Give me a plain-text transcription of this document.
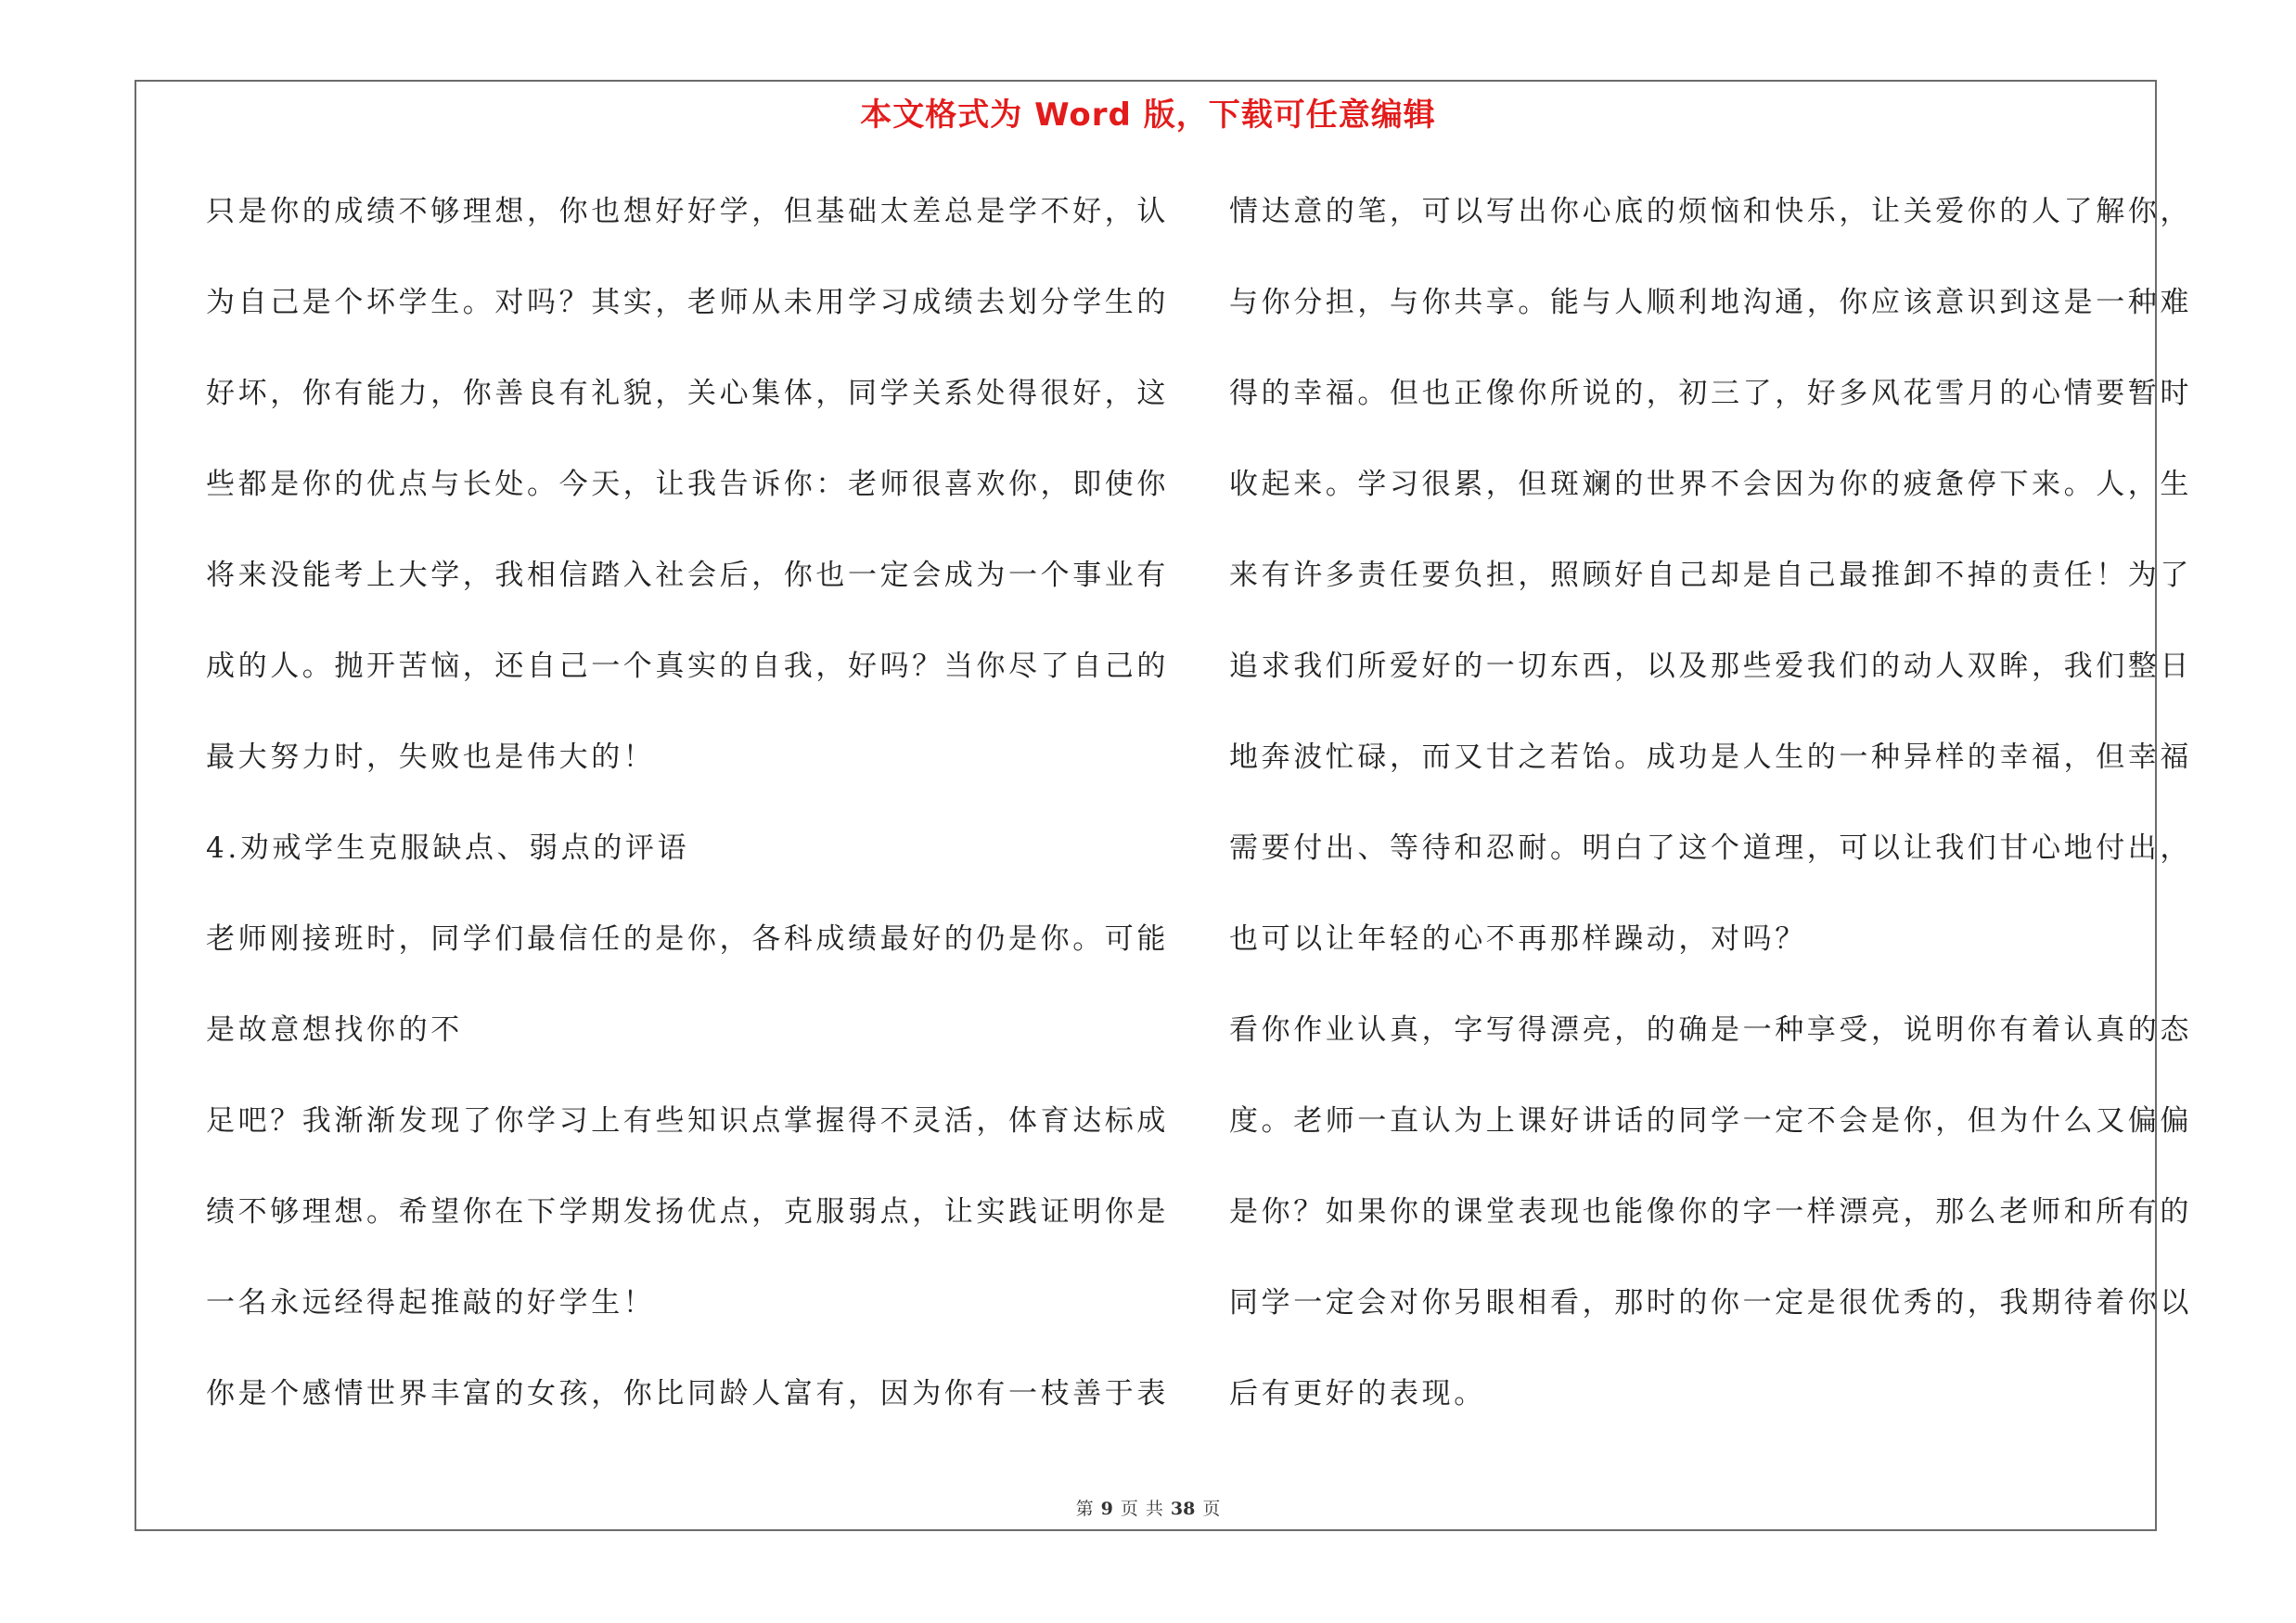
本文格式为 Word 版，下载可任意编辑
只是你的成绩不够理想，你也想好好学，但基础太差总是学不好，认
为自己是个坏学生。对吗？其实，老师从未用学习成绩去划分学生的
好坏，你有能力，你善良有礼貌，关心集体，同学关系处得很好，这
些都是你的优点与长处。今天，让我告诉你：老师很喜欢你，即使你
将来没能考上大学，我相信踏入社会后，你也一定会成为一个事业有
成的人。抛开苦恼，还自己一个真实的自我，好吗？当你尽了自己的
最大努力时，失败也是伟大的！
4.劝戒学生克服缺点、弱点的评语
老师刚接班时，同学们最信任的是你，各科成绩最好的仍是你。可能
是故意想找你的不
足吧？我渐渐发现了你学习上有些知识点掌握得不灵活，体育达标成
绩不够理想。希望你在下学期发扬优点，克服弱点，让实践证明你是
一名永远经得起推敲的好学生！
你是个感情世界丰富的女孩，你比同龄人富有，因为你有一枝善于表
情达意的笔，可以写出你心底的烦恼和快乐，让关爱你的人了解你，
与你分担，与你共享。能与人顺利地沟通，你应该意识到这是一种难
得的幸福。但也正像你所说的，初三了，好多风花雪月的心情要暂时
收起来。学习很累，但斑斓的世界不会因为你的疲惫停下来。人，生
来有许多责任要负担，照顾好自己却是自己最推卸不掉的责任！为了
追求我们所爱好的一切东西，以及那些爱我们的动人双眸，我们整日
地奔波忙碌，而又甘之若饴。成功是人生的一种异样的幸福，但幸福
需要付出、等待和忍耐。明白了这个道理，可以让我们甘心地付出，
也可以让年轻的心不再那样躁动，对吗？
看你作业认真，字写得漂亮，的确是一种享受，说明你有着认真的态
度。老师一直认为上课好讲话的同学一定不会是你，但为什么又偏偏
是你？如果你的课堂表现也能像你的字一样漂亮，那么老师和所有的
同学一定会对你另眼相看，那时的你一定是很优秀的，我期待着你以
后有更好的表现。
第 9 页 共 38 页
